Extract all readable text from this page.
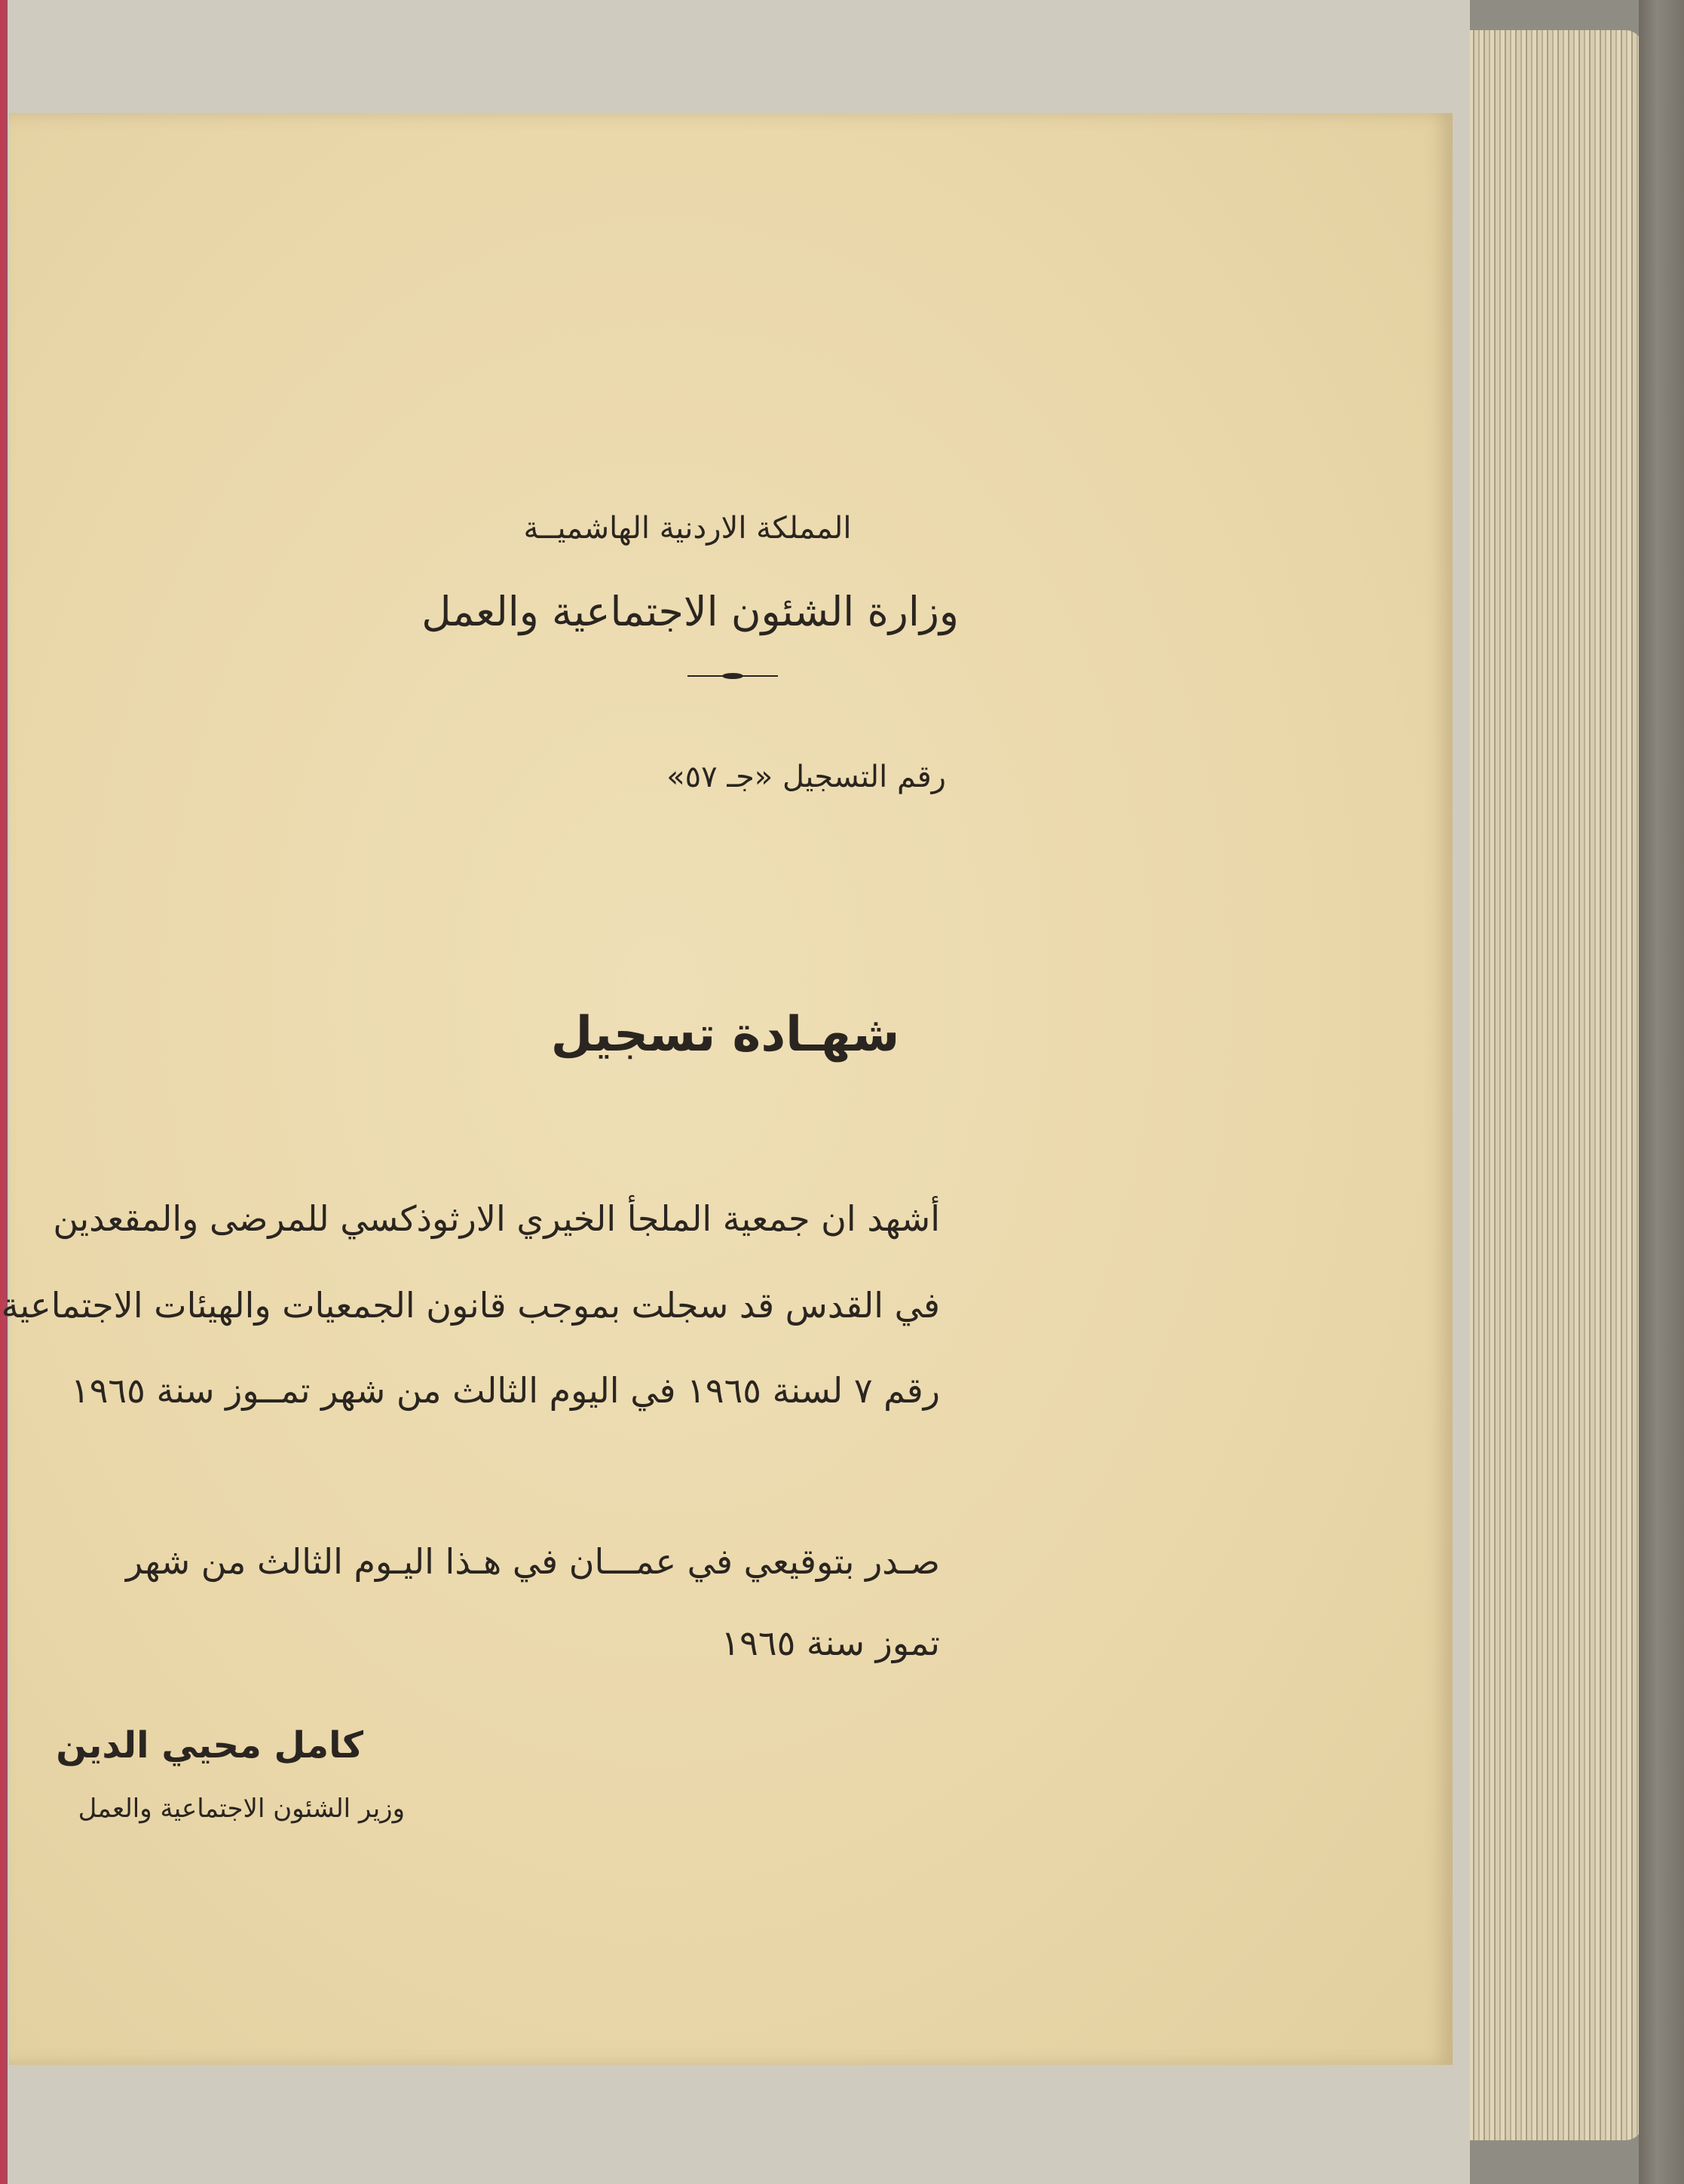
المملكة الاردنية الهاشميــة
وزارة الشئون الاجتماعية والعمل
رقم التسجيل «جـ ٥٧»
شهـادة تسجيل
أشهد ان جمعية الملجأ الخيري الارثوذكسي للمرضى والمقعدين
في القدس قد سجلت بموجب قانون الجمعيات والهيئات الاجتماعية
رقم ٧ لسنة ١٩٦٥ في اليوم الثالث من شهر تمــوز سنة ١٩٦٥
صـدر بتوقيعي في عمـــان في هـذا اليـوم الثالث من شهر
تموز سنة ١٩٦٥
كامل محيي الدين
وزير الشئون الاجتماعية والعمل
